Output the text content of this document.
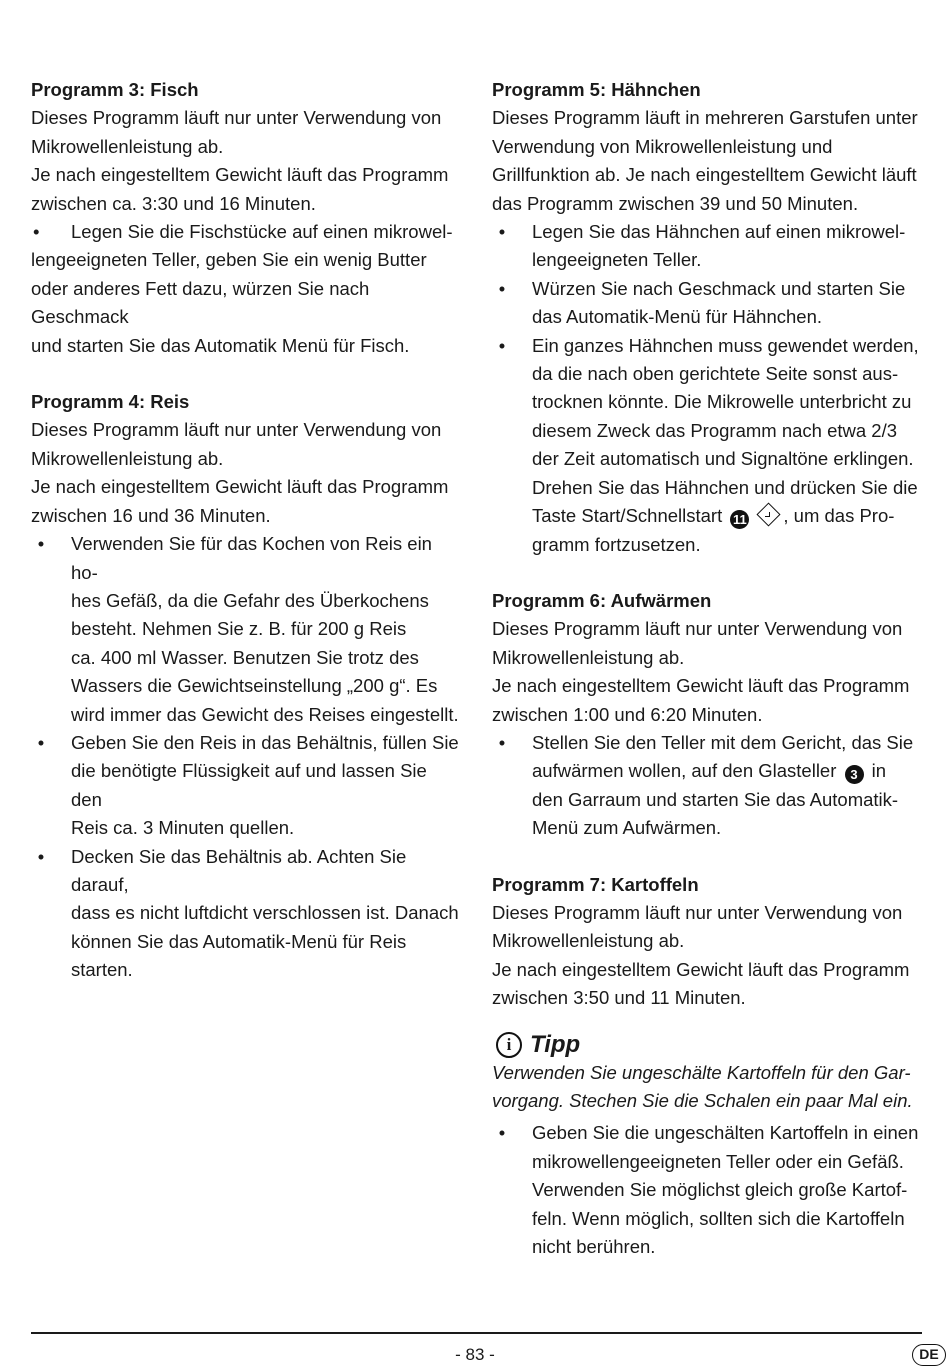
Programm 3: Fisch

Dieses Programm läuft nur unter Verwendung von

Mikrowellenleistung ab.

Je nach eingestelltem Gewicht läuft das Programm

zwischen ca. 3:30 und 16 Minuten.

• Legen Sie die Fischstücke auf einen mikrowel-
lengeeigneten Teller, geben Sie ein wenig Butter
oder anderes Fett dazu, würzen Sie nach Geschmack
und starten Sie das Automatik Menü für Fisch.
Programm 4: Reis

Dieses Programm läuft nur unter Verwendung von

Mikrowellenleistung ab.

Je nach eingestelltem Gewicht läuft das Programm

zwischen 16 und 36 Minuten.

•	Verwenden Sie für das Kochen von Reis ein ho-
hes Gefäß, da die Gefahr des Überkochens
besteht. Nehmen Sie z. B. für 200 g Reis
ca. 400 ml Wasser. Benutzen Sie trotz des
Wassers die Gewichtseinstellung „200 g“. Es
wird immer das Gewicht des Reises eingestellt.
•	Geben Sie den Reis in das Behältnis, füllen Sie
die benötigte Flüssigkeit auf und lassen Sie den
Reis ca. 3 Minuten quellen.
•	Decken Sie das Behältnis ab. Achten Sie darauf,
dass es nicht luftdicht verschlossen ist. Danach
können Sie das Automatik-Menü für Reis starten.
Programm 5: Hähnchen

Dieses Programm läuft in mehreren Garstufen unter

Verwendung von Mikrowellenleistung und

Grillfunktion ab. Je nach eingestelltem Gewicht läuft

das Programm zwischen 39 und 50 Minuten.

•	Legen Sie das Hähnchen auf einen mikrowel-
lengeeigneten Teller.
•	Würzen Sie nach Geschmack und starten Sie
das Automatik-Menü für Hähnchen.
•	Ein ganzes Hähnchen muss gewendet werden,
da die nach oben gerichtete Seite sonst aus-
trocknen könnte. Die Mikrowelle unterbricht zu
diesem Zweck das Programm nach etwa 2/3
der Zeit automatisch und Signaltöne erklingen.
Drehen Sie das Hähnchen und drücken Sie die
Taste Start/Schnellstart 11 , um das Pro-
gramm fortzusetzen.
Programm 6: Aufwärmen

Dieses Programm läuft nur unter Verwendung von

Mikrowellenleistung ab.

Je nach eingestelltem Gewicht läuft das Programm

zwischen 1:00 und 6:20 Minuten.

•	Stellen Sie den Teller mit dem Gericht, das Sie
aufwärmen wollen, auf den Glasteller 3 in
den Garraum und starten Sie das Automatik-
Menü zum Aufwärmen.
Programm 7: Kartoffeln

Dieses Programm läuft nur unter Verwendung von

Mikrowellenleistung ab.

Je nach eingestelltem Gewicht läuft das Programm

zwischen 3:50 und 11 Minuten.

i Tipp

Verwenden Sie ungeschälte Kartoffeln für den Gar-

vorgang. Stechen Sie die Schalen ein paar Mal ein.

•	Geben Sie die ungeschälten Kartoffeln in einen
mikrowellengeeigneten Teller oder ein Gefäß.
Verwenden Sie möglichst gleich große Kartof-
feln. Wenn möglich, sollten sich die Kartoffeln
nicht berühren.
- 83 -	DE
